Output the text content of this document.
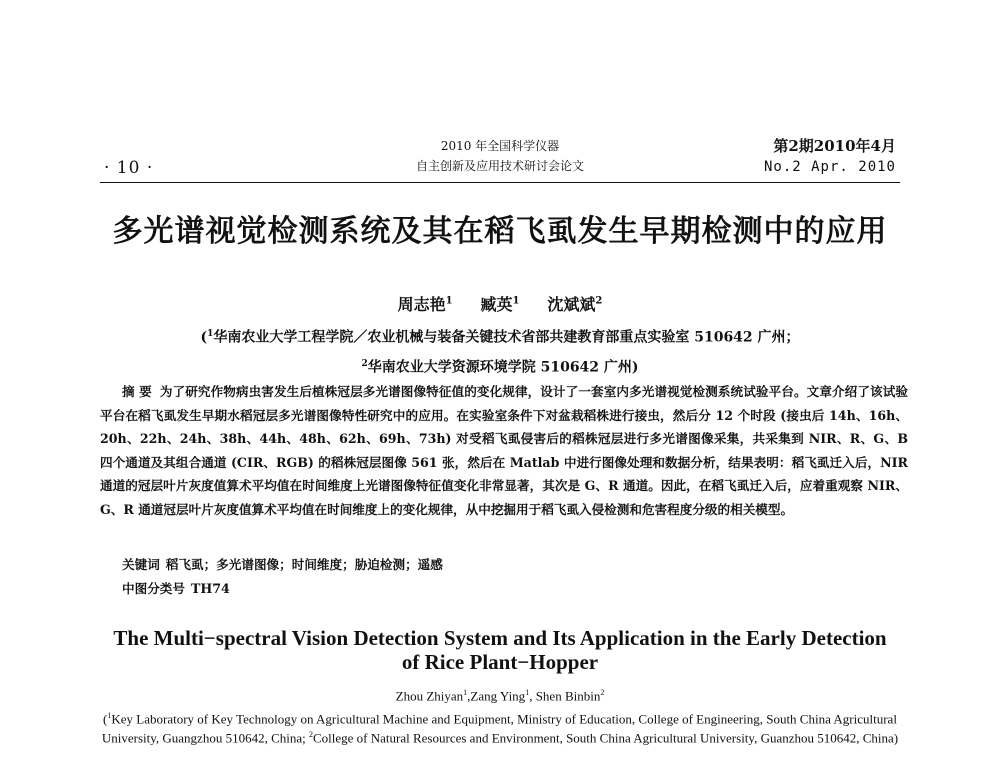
· 10 ·
2010 年全国科学仪器
自主创新及应用技术研讨会论文
第2期2010年4月
No.2 Apr. 2010
多光谱视觉检测系统及其在稻飞虱发生早期检测中的应用
周志艳$^1$ 臧英$^1$ 沈斌斌$^2$
($^1$华南农业大学工程学院／农业机械与装备关键技术省部共建教育部重点实验室 510642 广州；
$^2$华南农业大学资源环境学院 510642 广州)

摘 要 为了研究作物病虫害发生后植株冠层多光谱图像特征值的变化规律，设计了一套室内多光谱视觉检测系统试验平台。文章介绍了该试验平台在稻飞虱发生早期水稻冠层多光谱图像特性研究中的应用。在实验室条件下对盆栽稻株进行接虫，然后分 12 个时段 (接虫后 14h、16h、20h、22h、24h、38h、44h、48h、62h、69h、73h) 对受稻飞虱侵害后的稻株冠层进行多光谱图像采集，共采集到 NIR、R、G、B 四个通道及其组合通道 (CIR、RGB) 的稻株冠层图像 561 张，然后在 Matlab 中进行图像处理和数据分析，结果表明：稻飞虱迁入后，NIR 通道的冠层叶片灰度值算术平均值在时间维度上光谱图像特征值变化非常显著，其次是 G、R 通道。因此，在稻飞虱迁入后，应着重观察 NIR、G、R 通道冠层叶片灰度值算术平均值在时间维度上的变化规律，从中挖掘用于稻飞虱入侵检测和危害程度分级的相关模型。

关键词 稻飞虱；多光谱图像；时间维度；胁迫检测；遥感
中图分类号 TH74
The Multi−spectral Vision Detection System and Its Application in the Early Detection
of Rice Plant−Hopper
Zhou Zhiyan$^1$,Zang Ying$^1$, Shen Binbin$^2$
($^1$Key Laboratory of Key Technology on Agricultural Machine and Equipment, Ministry of Education, College of Engineering, South China Agricultural University, Guangzhou 510642, China; $^2$College of Natural Resources and Environment, South China Agricultural University, Guanzhou 510642, China)
